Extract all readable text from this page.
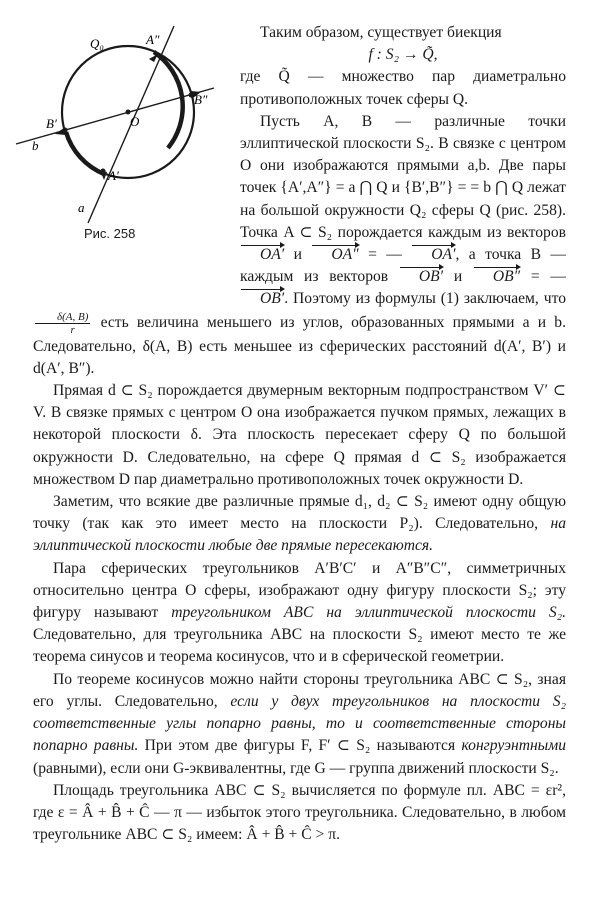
Q₀	A″
B″
B′	O
A′
b
a
Рис. 258

Таким образом, существует биекция

f : S₂ → Q̃,

где Q̃ — множество пар диаметрально противоположных точек сферы Q.

Пусть A, B — различные точки эллиптической плоскости S₂. В связке с центром O они изображаются прямыми a,b. Две пары точек {A′,A″} = a ⋂ Q и {B′,B″} = = b ⋂ Q лежат на большой окружности Q₂ сферы Q (рис. 258). Точка A ⊂ S₂ порождается каждым из векторов OA′ и OA″ = — OA′, а точка B — каждым из векторов OB′ и OB″ = — OB′. Поэтому из формулы (1) заключаем, что
$\frac{\delta(A, B)}{r}$ есть величина меньшего из углов, образованных прямыми a и b. Следовательно, δ(A, B) есть меньшее из сферических расстояний d(A′, B′) и d(A′, B″).

Прямая d ⊂ S₂ порождается двумерным векторным подпространством V′ ⊂ V. В связке прямых с центром O она изображается пучком прямых, лежащих в некоторой плоскости δ. Эта плоскость пересекает сферу Q по большой окружности D. Следовательно, на сфере Q прямая d ⊂ S₂ изображается множеством D пар диаметрально противоположных точек окружности D.

Заметим, что всякие две различные прямые d₁, d₂ ⊂ S₂ имеют одну общую точку (так как это имеет место на плоскости P₂). Следовательно, на эллиптической плоскости любые две прямые пересекаются.

Пара сферических треугольников A′B′C′ и A″B″C″, симметричных относительно центра O сферы, изображают одну фигуру плоскости S₂; эту фигуру называют треугольником ABC на эллиптической плоскости S₂. Следовательно, для треугольника ABC на плоскости S₂ имеют место те же теорема синусов и теорема косинусов, что и в сферической геометрии.

По теореме косинусов можно найти стороны треугольника ABC ⊂ S₂, зная его углы. Следовательно, если у двух треугольников на плоскости S₂ соответственные углы попарно равны, то и соответственные стороны попарно равны. При этом две фигуры F, F′ ⊂ S₂ называются конгруэнтными (равными), если они G-эквивалентны, где G — группа движений плоскости S₂.

Площадь треугольника ABC ⊂ S₂ вычисляется по формуле пл. ABC = εr², где ε = Â + B̂ + Ĉ — π — избыток этого треугольника. Следовательно, в любом треугольнике ABC ⊂ S₂ имеем: Â + B̂ + Ĉ > π.
